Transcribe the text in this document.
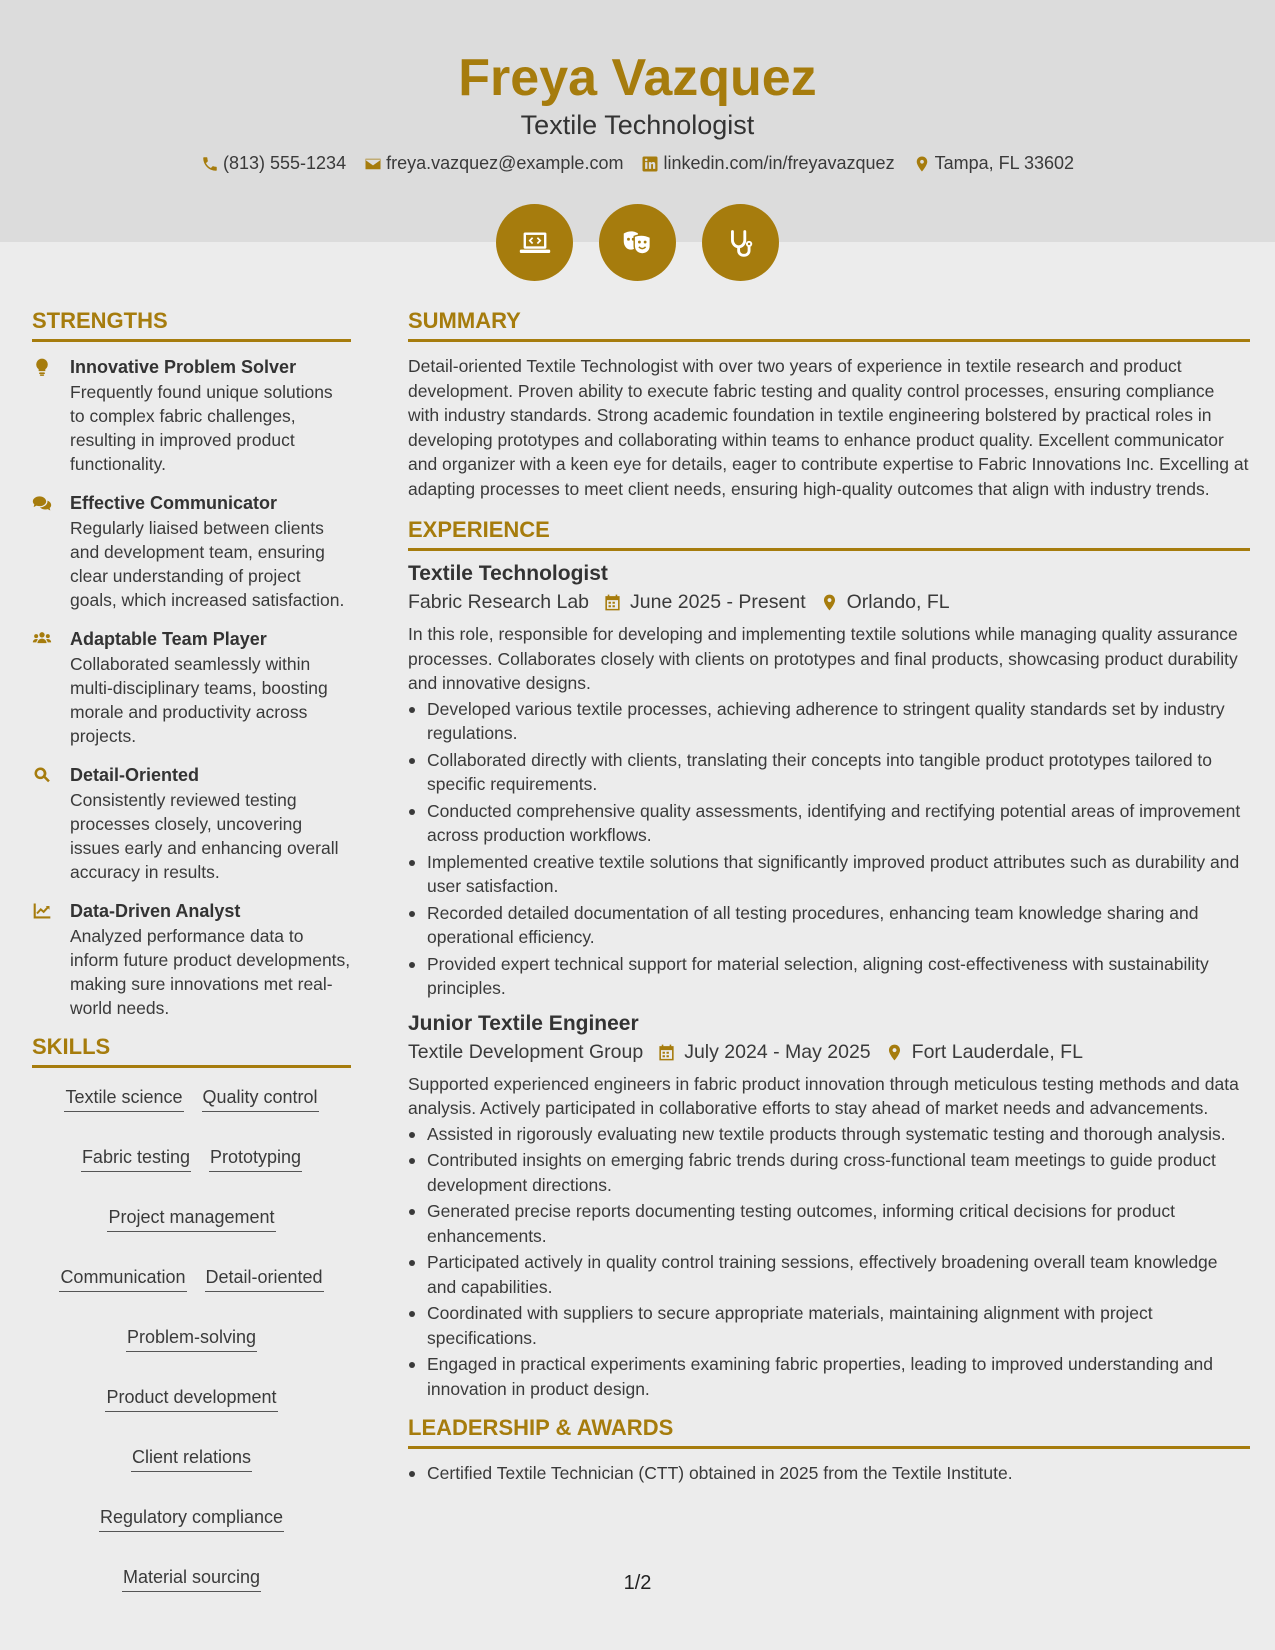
Freya Vazquez
Textile Technologist
(813) 555-1234 freya.vazquez@example.com linkedin.com/in/freyavazquez Tampa, FL 33602
STRENGTHS
Innovative Problem Solver
Frequently found unique solutions to complex fabric challenges, resulting in improved product functionality.
Effective Communicator
Regularly liaised between clients and development team, ensuring clear understanding of project goals, which increased satisfaction.
Adaptable Team Player
Collaborated seamlessly within multi-disciplinary teams, boosting morale and productivity across projects.
Detail-Oriented
Consistently reviewed testing processes closely, uncovering issues early and enhancing overall accuracy in results.
Data-Driven Analyst
Analyzed performance data to inform future product developments, making sure innovations met real-world needs.
SKILLS
Textile science Quality control
Fabric testing Prototyping
Project management
Communication Detail-oriented
Problem-solving
Product development
Client relations
Regulatory compliance
Material sourcing
SUMMARY
Detail-oriented Textile Technologist with over two years of experience in textile research and product development. Proven ability to execute fabric testing and quality control processes, ensuring compliance with industry standards. Strong academic foundation in textile engineering bolstered by practical roles in developing prototypes and collaborating within teams to enhance product quality. Excellent communicator and organizer with a keen eye for details, eager to contribute expertise to Fabric Innovations Inc. Excelling at adapting processes to meet client needs, ensuring high-quality outcomes that align with industry trends.
EXPERIENCE
Textile Technologist
Fabric Research Lab June 2025 - Present Orlando, FL
In this role, responsible for developing and implementing textile solutions while managing quality assurance processes. Collaborates closely with clients on prototypes and final products, showcasing product durability and innovative designs.
Developed various textile processes, achieving adherence to stringent quality standards set by industry regulations.
Collaborated directly with clients, translating their concepts into tangible product prototypes tailored to specific requirements.
Conducted comprehensive quality assessments, identifying and rectifying potential areas of improvement across production workflows.
Implemented creative textile solutions that significantly improved product attributes such as durability and user satisfaction.
Recorded detailed documentation of all testing procedures, enhancing team knowledge sharing and operational efficiency.
Provided expert technical support for material selection, aligning cost-effectiveness with sustainability principles.
Junior Textile Engineer
Textile Development Group July 2024 - May 2025 Fort Lauderdale, FL
Supported experienced engineers in fabric product innovation through meticulous testing methods and data analysis. Actively participated in collaborative efforts to stay ahead of market needs and advancements.
Assisted in rigorously evaluating new textile products through systematic testing and thorough analysis.
Contributed insights on emerging fabric trends during cross-functional team meetings to guide product development directions.
Generated precise reports documenting testing outcomes, informing critical decisions for product enhancements.
Participated actively in quality control training sessions, effectively broadening overall team knowledge and capabilities.
Coordinated with suppliers to secure appropriate materials, maintaining alignment with project specifications.
Engaged in practical experiments examining fabric properties, leading to improved understanding and innovation in product design.
LEADERSHIP & AWARDS
Certified Textile Technician (CTT) obtained in 2025 from the Textile Institute.
1/2
